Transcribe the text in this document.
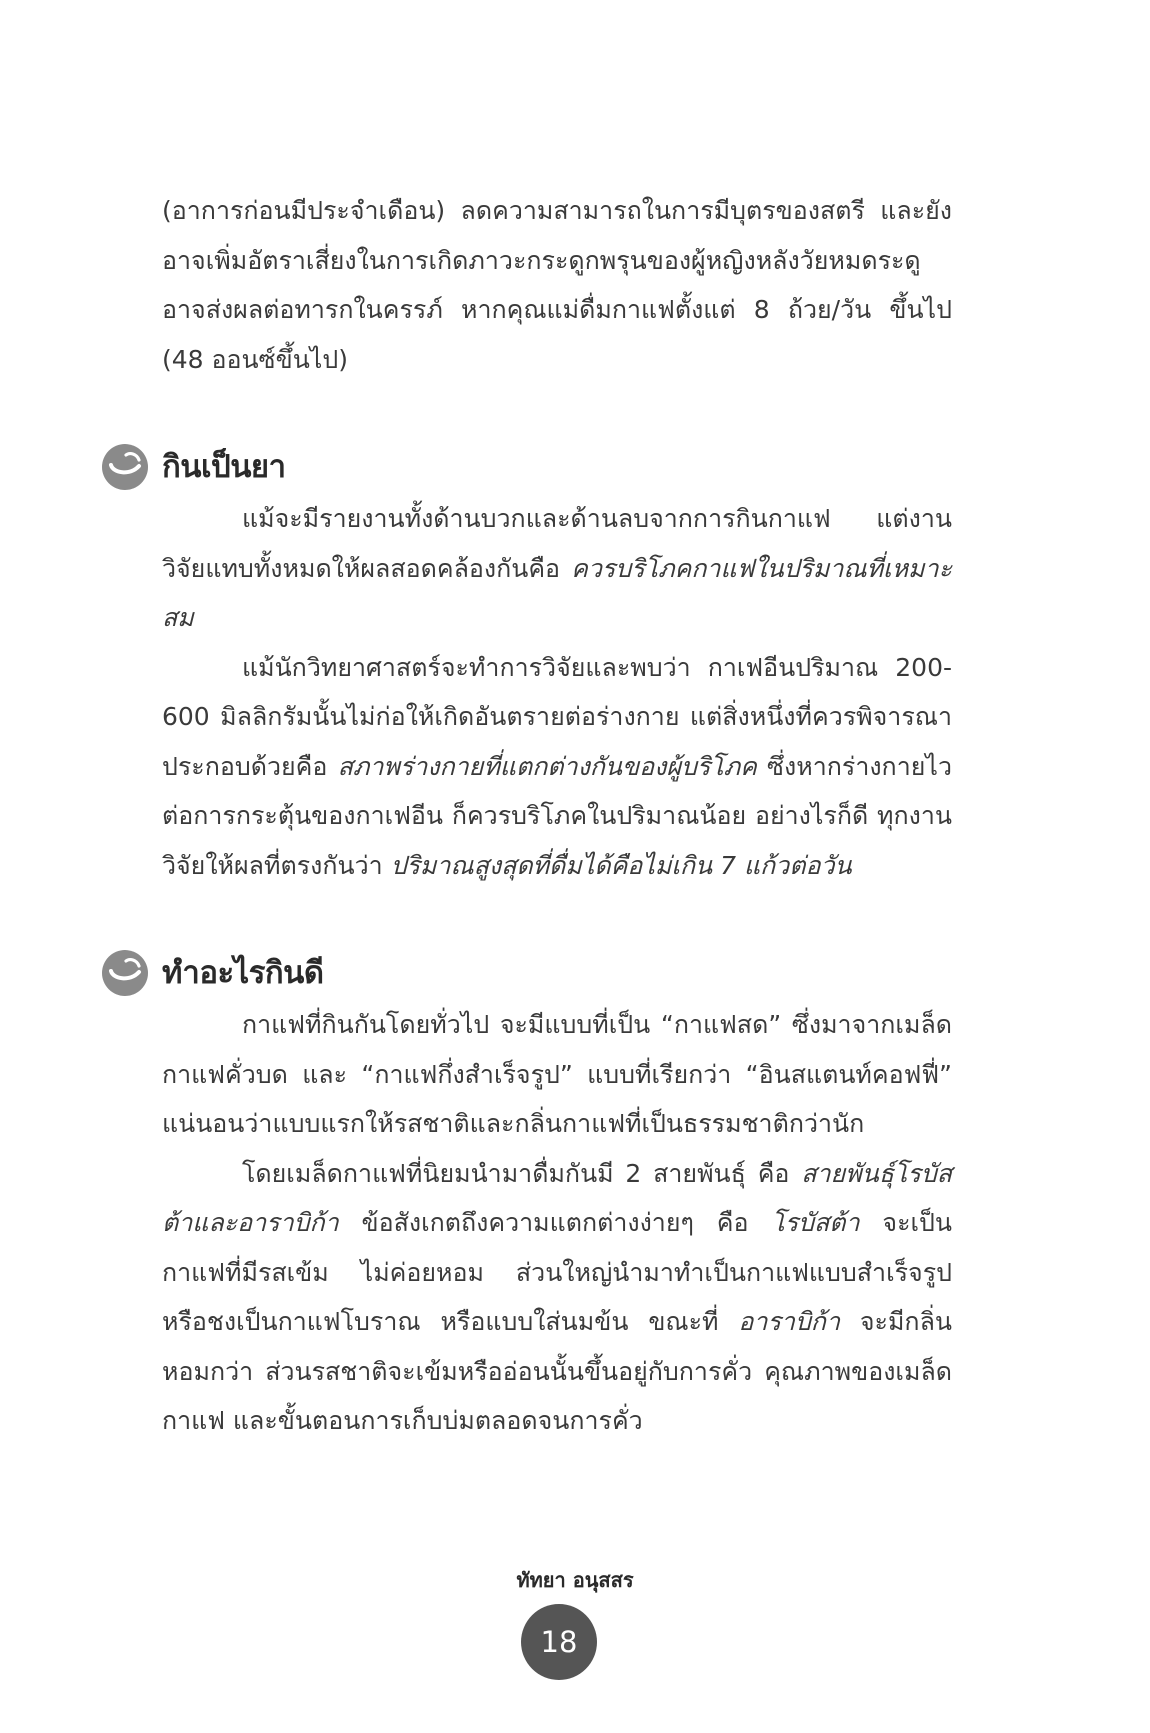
(อาการก่อนมีประจำเดือน) ลดความสามารถในการมีบุตรของสตรี และยังอาจเพิ่มอัตราเสี่ยงในการเกิดภาวะกระดูกพรุนของผู้หญิงหลังวัยหมดระดู อาจส่งผลต่อทารกในครรภ์ หากคุณแม่ดื่มกาแฟตั้งแต่ 8 ถ้วย/วัน ขึ้นไป (48 ออนซ์ขึ้นไป)

กินเป็นยา

แม้จะมีรายงานทั้งด้านบวกและด้านลบจากการกินกาแฟ แต่งานวิจัยแทบทั้งหมดให้ผลสอดคล้องกันคือ ควรบริโภคกาแฟในปริมาณที่เหมาะสม

แม้นักวิทยาศาสตร์จะทำการวิจัยและพบว่า กาเฟอีนปริมาณ 200-600 มิลลิกรัมนั้นไม่ก่อให้เกิดอันตรายต่อร่างกาย แต่สิ่งหนึ่งที่ควรพิจารณาประกอบด้วยคือ สภาพร่างกายที่แตกต่างกันของผู้บริโภค ซึ่งหากร่างกายไวต่อการกระตุ้นของกาเฟอีน ก็ควรบริโภคในปริมาณน้อย อย่างไรก็ดี ทุกงานวิจัยให้ผลที่ตรงกันว่า ปริมาณสูงสุดที่ดื่มได้คือไม่เกิน 7 แก้วต่อวัน

ทำอะไรกินดี

กาแฟที่กินกันโดยทั่วไป จะมีแบบที่เป็น “กาแฟสด” ซึ่งมาจากเมล็ดกาแฟคั่วบด และ “กาแฟกึ่งสำเร็จรูป” แบบที่เรียกว่า “อินสแตนท์คอฟฟี่” แน่นอนว่าแบบแรกให้รสชาติและกลิ่นกาแฟที่เป็นธรรมชาติกว่านัก

โดยเมล็ดกาแฟที่นิยมนำมาดื่มกันมี 2 สายพันธุ์ คือ สายพันธุ์โรบัสต้าและอาราบิก้า ข้อสังเกตถึงความแตกต่างง่ายๆ คือ โรบัสต้า จะเป็นกาแฟที่มีรสเข้ม ไม่ค่อยหอม ส่วนใหญ่นำมาทำเป็นกาแฟแบบสำเร็จรูป หรือชงเป็นกาแฟโบราณ หรือแบบใส่นมข้น ขณะที่ อาราบิก้า จะมีกลิ่นหอมกว่า ส่วนรสชาติจะเข้มหรืออ่อนนั้นขึ้นอยู่กับการคั่ว คุณภาพของเมล็ดกาแฟ และขั้นตอนการเก็บบ่มตลอดจนการคั่ว

ทัทยา อนุสสร
18
